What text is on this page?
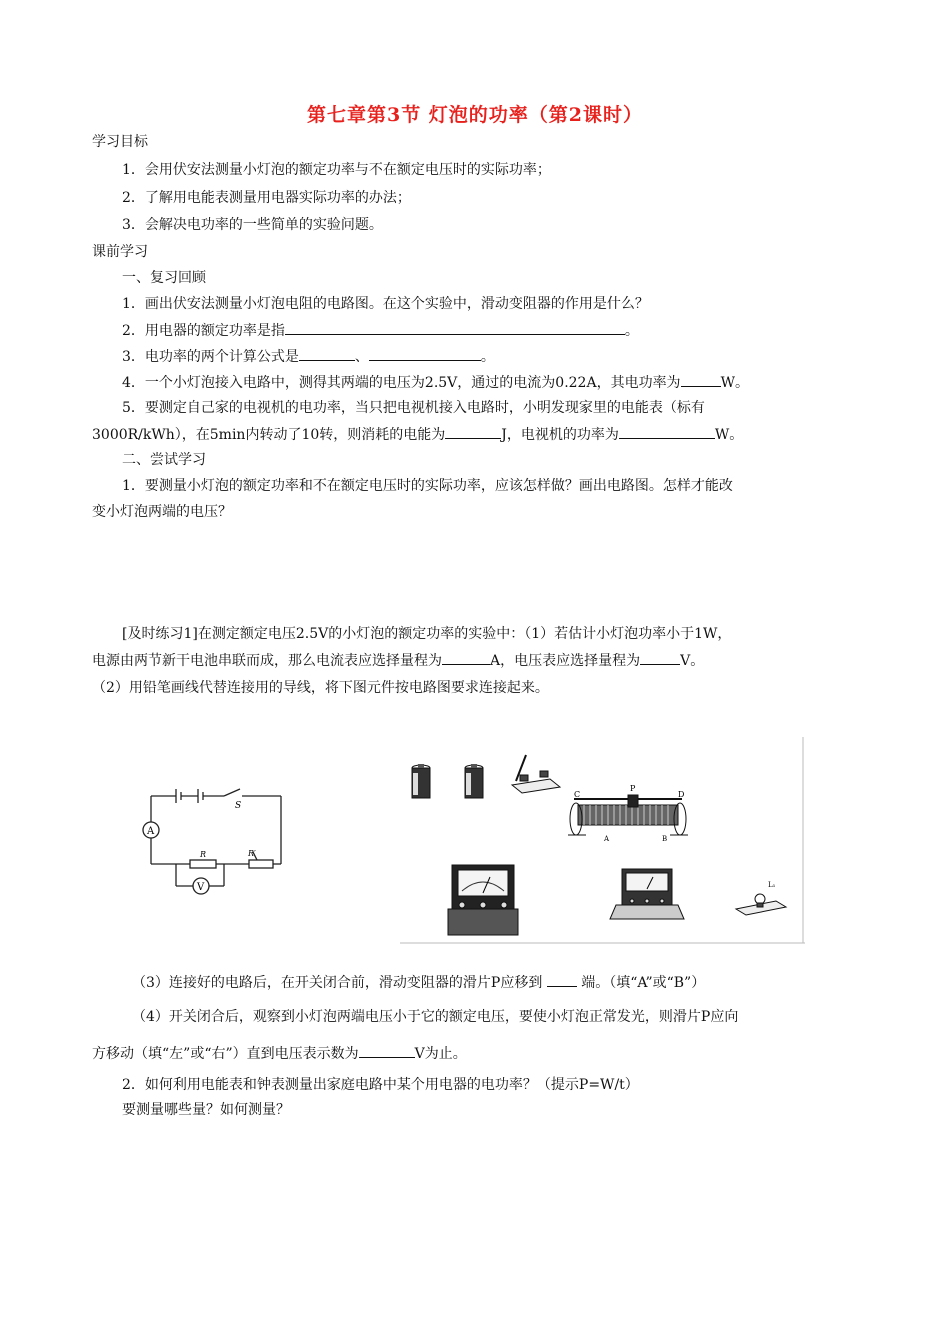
第七章第3节 灯泡的功率（第2课时）
学习目标
1．会用伏安法测量小灯泡的额定功率与不在额定电压时的实际功率；
2．了解用电能表测量用电器实际功率的办法；
3．会解决电功率的一些简单的实验问题。
课前学习
一、复习回顾
1．画出伏安法测量小灯泡电阻的电路图。在这个实验中，滑动变阻器的作用是什么？
2．用电器的额定功率是指	。
3．电功率的两个计算公式是	、	。
4．一个小灯泡接入电路中，测得其两端的电压为2.5V，通过的电流为0.22A，其电功率为	W。
5．要测定自己家的电视机的电功率，当只把电视机接入电路时，小明发现家里的电能表（标有
3000R/kWh），在5min内转动了10转，则消耗的电能为	J，电视机的功率为	W。
二、尝试学习
1．要测量小灯泡的额定功率和不在额定电压时的实际功率，应该怎样做？画出电路图。怎样才能改
变小灯泡两端的电压？
[及时练习1]在测定额定电压2.5V的小灯泡的额定功率的实验中：（1）若估计小灯泡功率小于1W，
电源由两节新干电池串联而成，那么电流表应选择量程为	A，电压表应选择量程为	V。
（2）用铅笔画线代替连接用的导线，将下图元件按电路图要求连接起来。
A
V
S
R	R′
C
P
D
A	B
L₁
（3）连接好的电路后，在开关闭合前，滑动变阻器的滑片P应移到	端。（填“A”或“B”）
（4）开关闭合后，观察到小灯泡两端电压小于它的额定电压，要使小灯泡正常发光，则滑片P应向
方移动（填“左”或“右”）直到电压表示数为	V为止。
2．如何利用电能表和钟表测量出家庭电路中某个用电器的电功率？（提示P=W/t）
要测量哪些量？如何测量？
